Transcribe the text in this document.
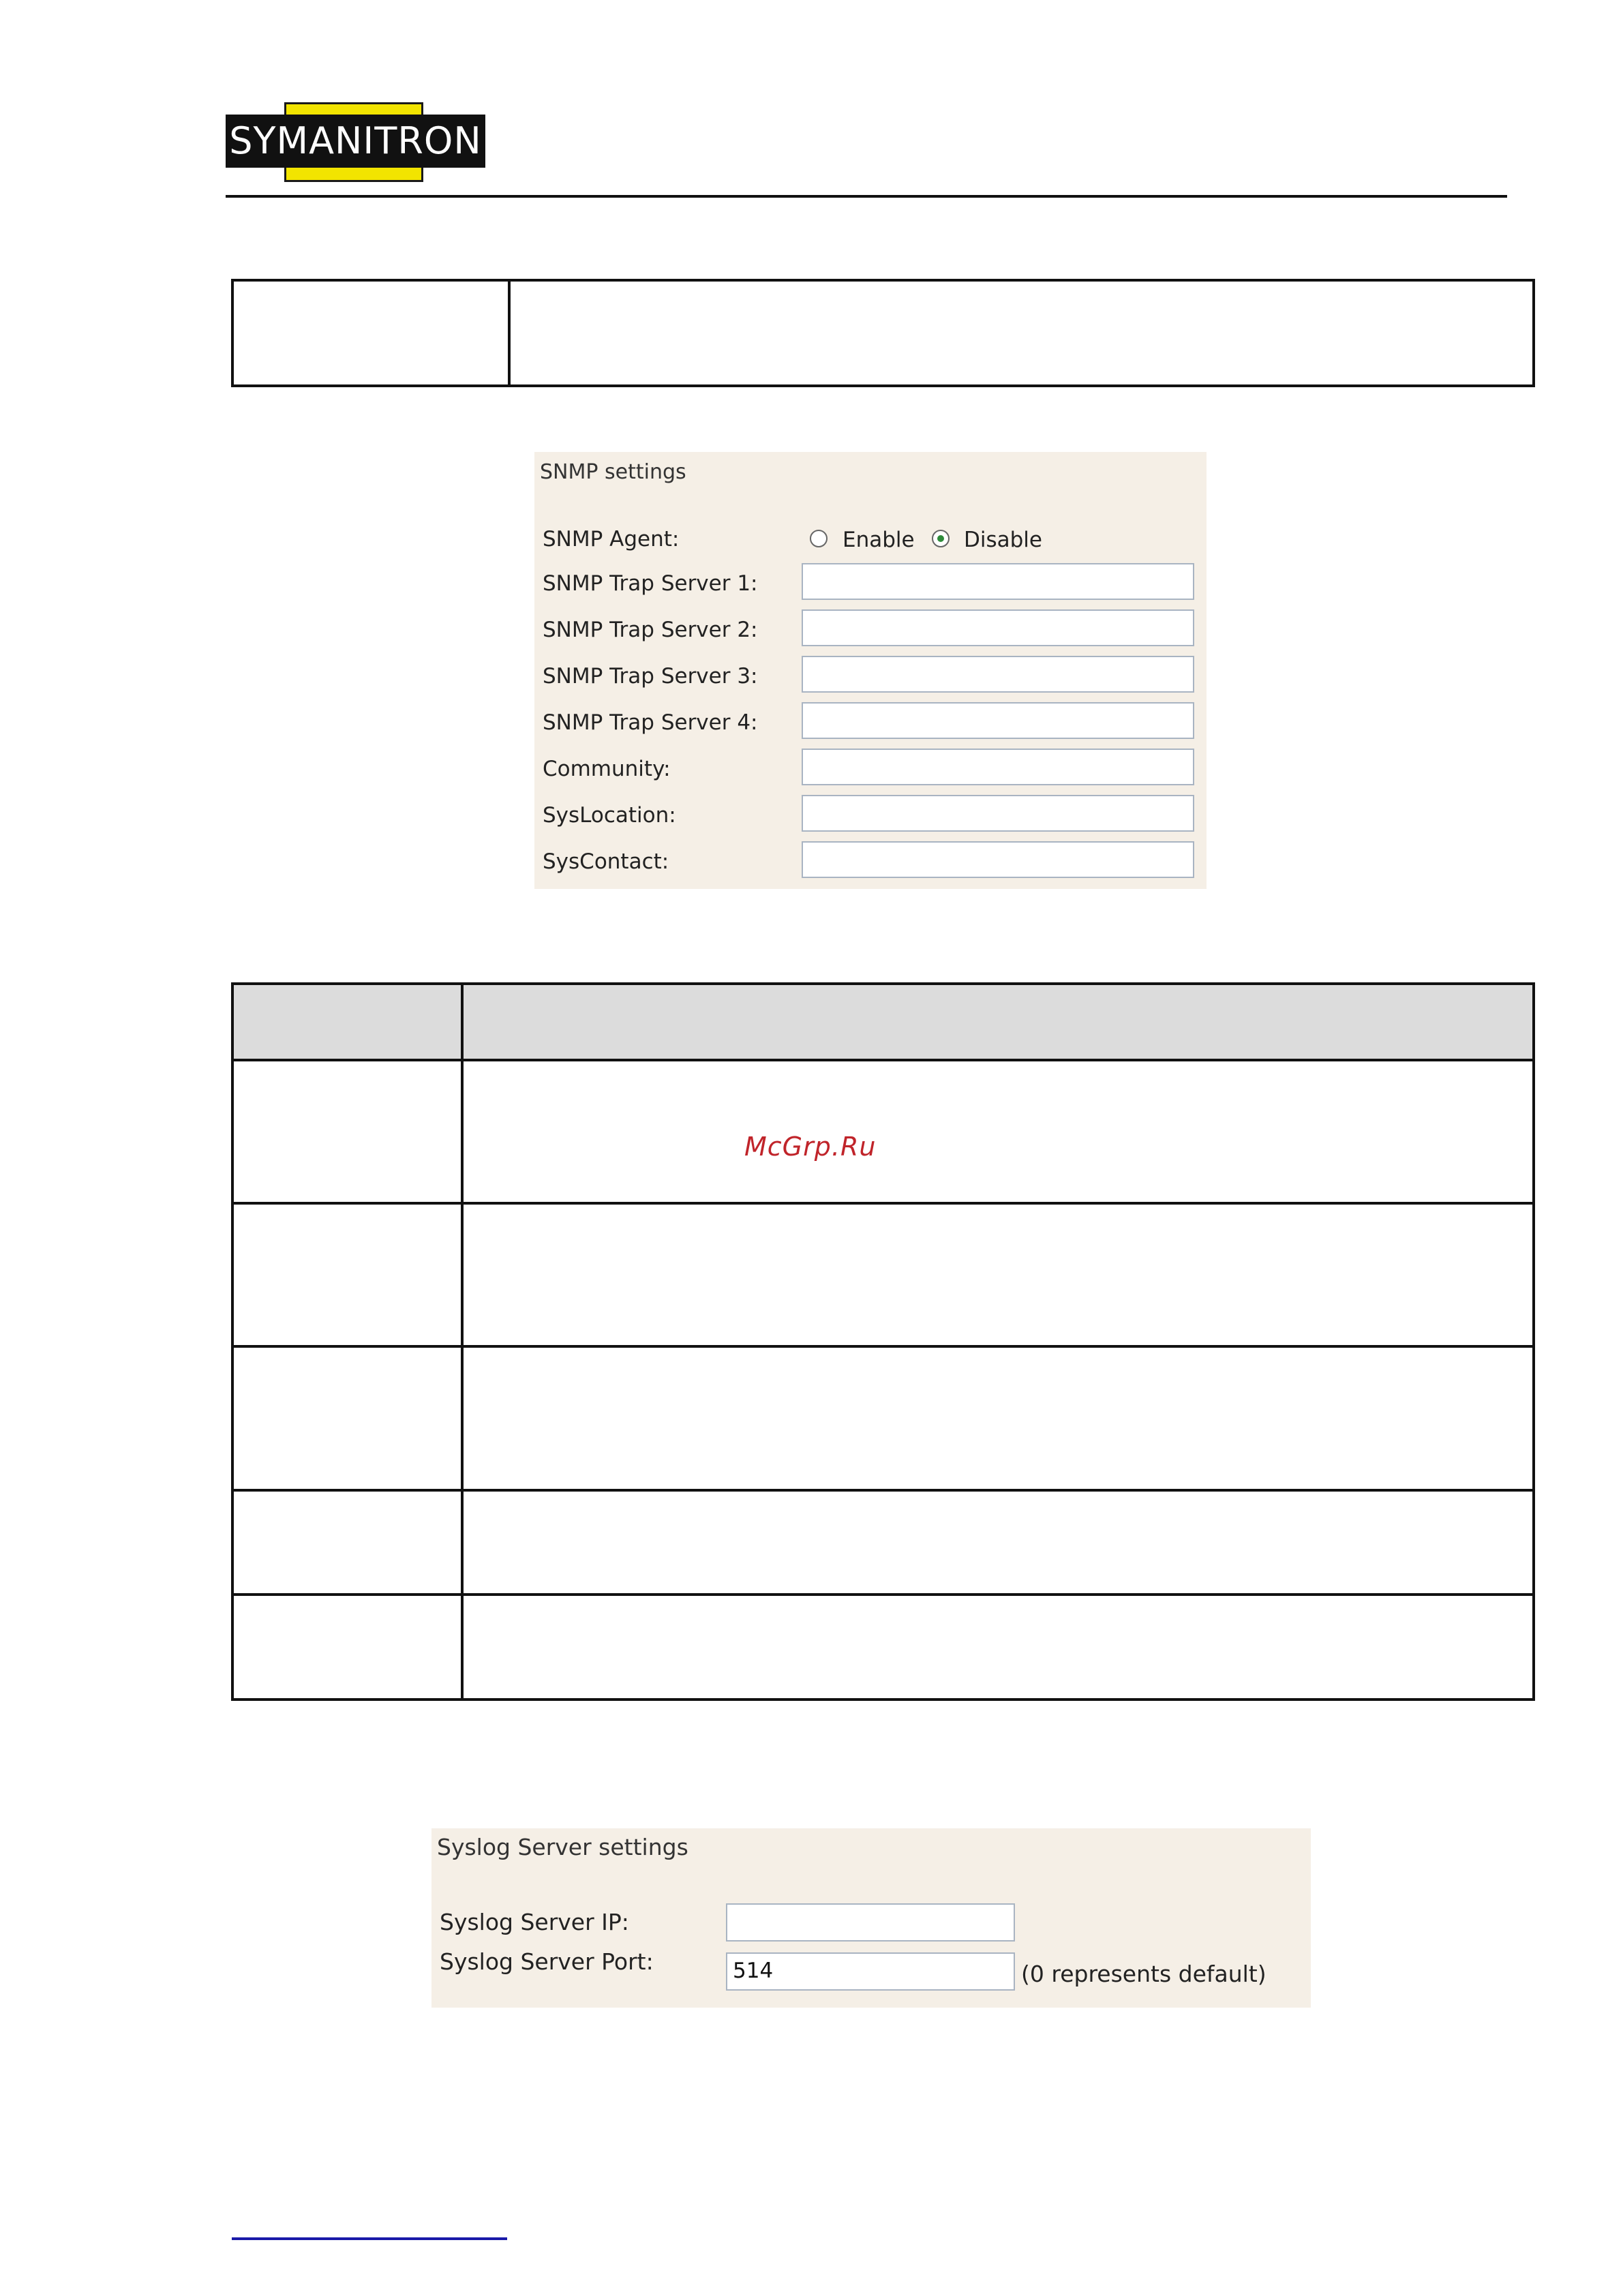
SYMANITRON
SNMP settings
SNMP Agent:	Enable Disable
SNMP Trap Server 1:
SNMP Trap Server 2:
SNMP Trap Server 3:
SNMP Trap Server 4:
Community:
SysLocation:
SysContact:
McGrp.Ru
Syslog Server settings
Syslog Server IP:
Syslog Server Port:	514	(0 represents default)
